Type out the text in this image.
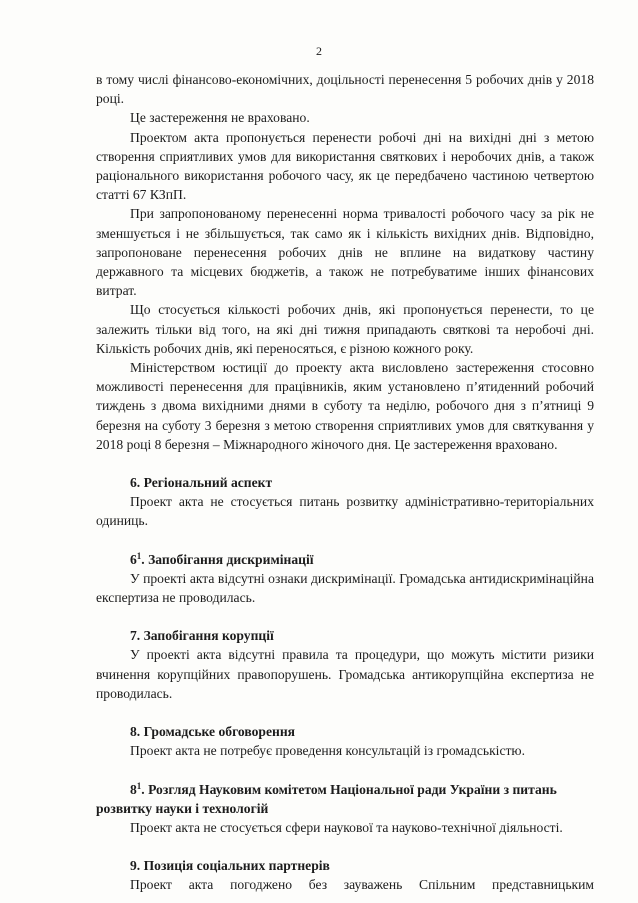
2

в тому числі фінансово-економічних, доцільності перенесення 5 робочих днів у 2018 році.

Це застереження не враховано.

Проектом акта пропонується перенести робочі дні на вихідні дні з метою створення сприятливих умов для використання святкових і неробочих днів, а також раціонального використання робочого часу, як це передбачено частиною четвертою статті 67 КЗпП.

При запропонованому перенесенні норма тривалості робочого часу за рік не зменшується і не збільшується, так само як і кількість вихідних днів. Відповідно, запропоноване перенесення робочих днів не вплине на видаткову частину державного та місцевих бюджетів, а також не потребуватиме інших фінансових витрат.

Що стосується кількості робочих днів, які пропонується перенести, то це залежить тільки від того, на які дні тижня припадають святкові та неробочі дні. Кількість робочих днів, які переносяться, є різною кожного року.

Міністерством юстиції до проекту акта висловлено застереження стосовно можливості перенесення для працівників, яким установлено п’ятиденний робочий тиждень з двома вихідними днями в суботу та неділю, робочого дня з п’ятниці 9 березня на суботу 3 березня з метою створення сприятливих умов для святкування у 2018 році 8 березня – Міжнародного жіночого дня. Це застереження враховано.

6. Регіональний аспект

Проект акта не стосується питань розвитку адміністративно-територіальних одиниць.

$6^1$. Запобігання дискримінації

У проекті акта відсутні ознаки дискримінації. Громадська антидискримінаційна експертиза не проводилась.

7. Запобігання корупції

У проекті акта відсутні правила та процедури, що можуть містити ризики вчинення корупційних правопорушень. Громадська антикорупційна експертиза не проводилась.

8. Громадське обговорення

Проект акта не потребує проведення консультацій із громадськістю.

$8^1$. Розгляд Науковим комітетом Національної ради України з питань розвитку науки і технологій

Проект акта не стосується сфери наукової та науково-технічної діяльності.

9. Позиція соціальних партнерів

Проект акта погоджено без зауважень Спільним представницьким
